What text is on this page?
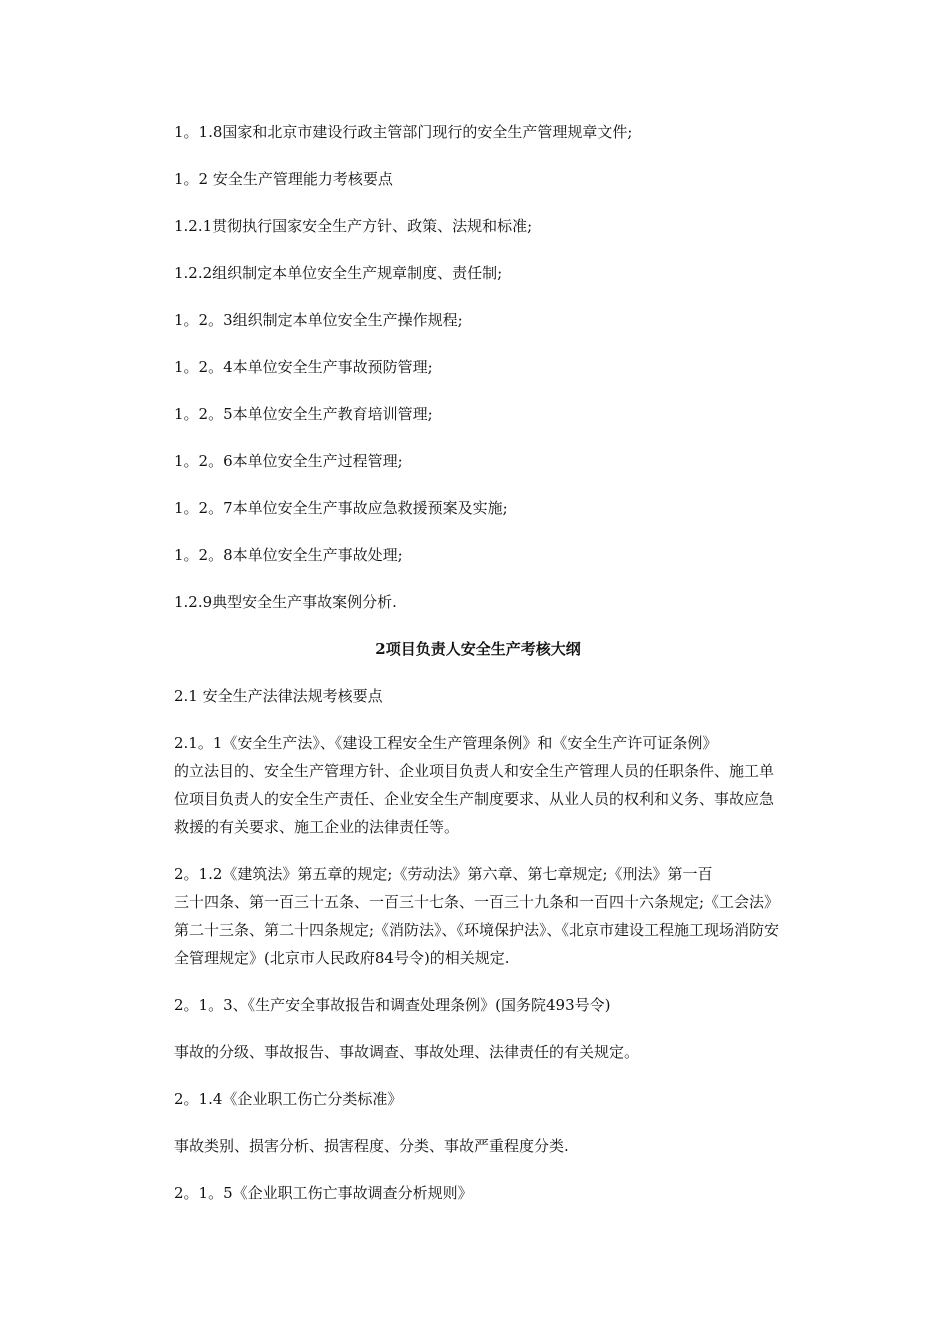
1。1.8国家和北京市建设行政主管部门现行的安全生产管理规章文件;

1。2 安全生产管理能力考核要点

1.2.1贯彻执行国家安全生产方针、政策、法规和标准;

1.2.2组织制定本单位安全生产规章制度、责任制;

1。2。3组织制定本单位安全生产操作规程;

1。2。4本单位安全生产事故预防管理;

1。2。5本单位安全生产教育培训管理;

1。2。6本单位安全生产过程管理;

1。2。7本单位安全生产事故应急救援预案及实施;

1。2。8本单位安全生产事故处理;

1.2.9典型安全生产事故案例分析.

2项目负责人安全生产考核大纲

2.1 安全生产法律法规考核要点

2.1。1《安全生产法》、《建设工程安全生产管理条例》和《安全生产许可证条例》
的立法目的、安全生产管理方针、企业项目负责人和安全生产管理人员的任职条件、施工单位项目负责人的安全生产责任、企业安全生产制度要求、从业人员的权利和义务、事故应急救援的有关要求、施工企业的法律责任等。
2。1.2《建筑法》第五章的规定;《劳动法》第六章、第七章规定;《刑法》第一百
三十四条、第一百三十五条、一百三十七条、一百三十九条和一百四十六条规定;《工会法》第二十三条、第二十四条规定;《消防法》、《环境保护法》、《北京市建设工程施工现场消防安全管理规定》(北京市人民政府84号令)的相关规定.

2。1。3、《生产安全事故报告和调查处理条例》(国务院493号令)

事故的分级、事故报告、事故调查、事故处理、法律责任的有关规定。

2。1.4《企业职工伤亡分类标准》

事故类别、损害分析、损害程度、分类、事故严重程度分类.

2。1。5《企业职工伤亡事故调查分析规则》
